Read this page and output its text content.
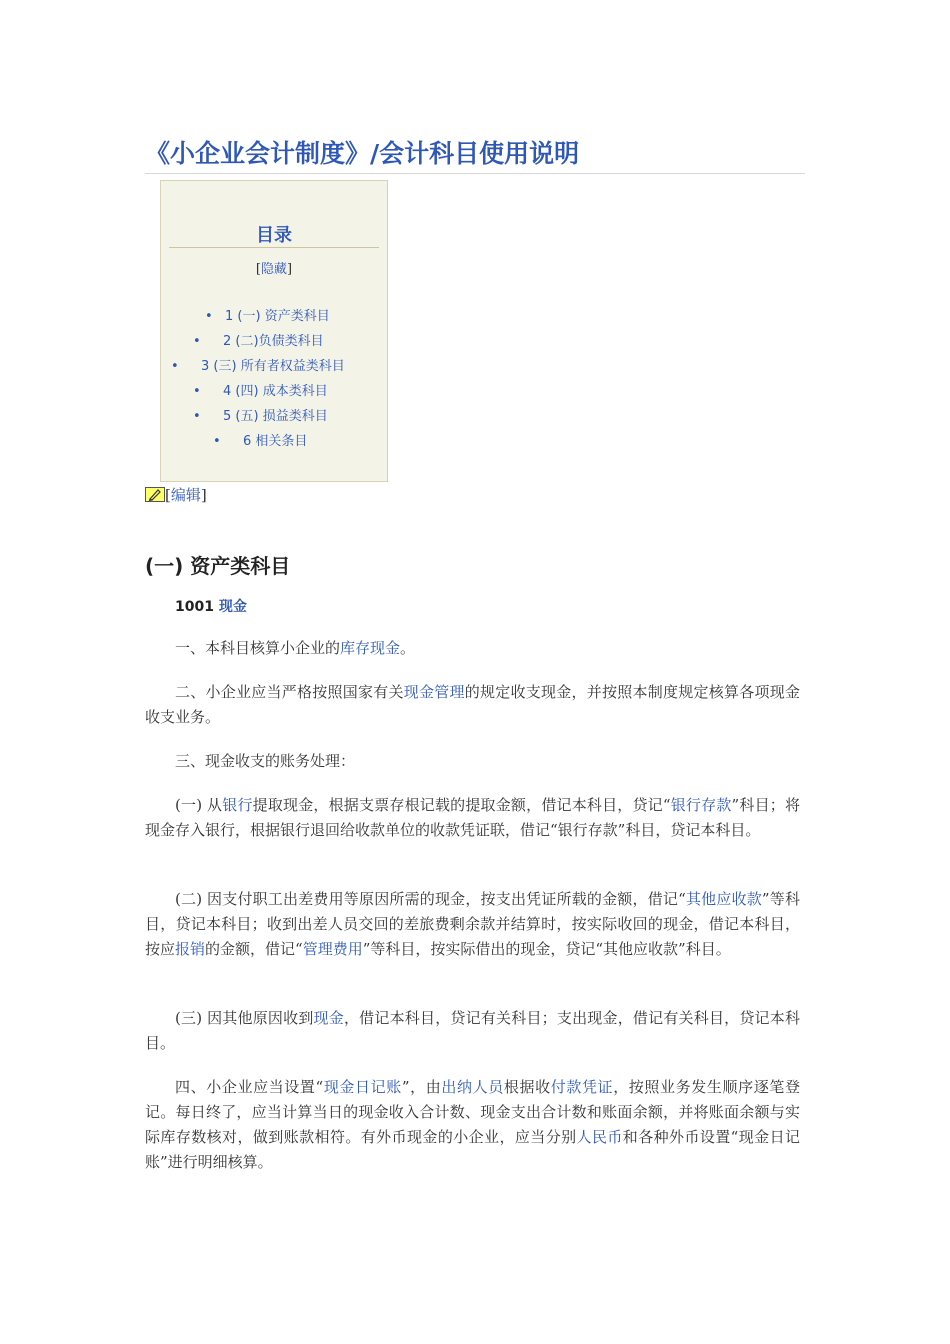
《小企业会计制度》/会计科目使用说明
目录
[隐藏]
• 1 (一) 资产类科目
• 2 (二)负债类科目
• 3 (三) 所有者权益类科目
• 4 (四) 成本类科目
• 5 (五) 损益类科目
• 6 相关条目
[编辑]
(一) 资产类科目
1001 现金
一、本科目核算小企业的库存现金。
二、小企业应当严格按照国家有关现金管理的规定收支现金，并按照本制度规定核算各项现金收支业务。
三、现金收支的账务处理：
(一) 从银行提取现金，根据支票存根记载的提取金额，借记本科目，贷记“银行存款”科目；将现金存入银行，根据银行退回给收款单位的收款凭证联，借记“银行存款”科目，贷记本科目。
(二) 因支付职工出差费用等原因所需的现金，按支出凭证所载的金额，借记“其他应收款”等科目，贷记本科目；收到出差人员交回的差旅费剩余款并结算时，按实际收回的现金，借记本科目，按应报销的金额，借记“管理费用”等科目，按实际借出的现金，贷记“其他应收款”科目。
(三) 因其他原因收到现金，借记本科目，贷记有关科目；支出现金，借记有关科目，贷记本科目。
四、小企业应当设置“现金日记账”，由出纳人员根据收付款凭证，按照业务发生顺序逐笔登记。每日终了，应当计算当日的现金收入合计数、现金支出合计数和账面余额，并将账面余额与实际库存数核对，做到账款相符。有外币现金的小企业，应当分别人民币和各种外币设置“现金日记账”进行明细核算。
